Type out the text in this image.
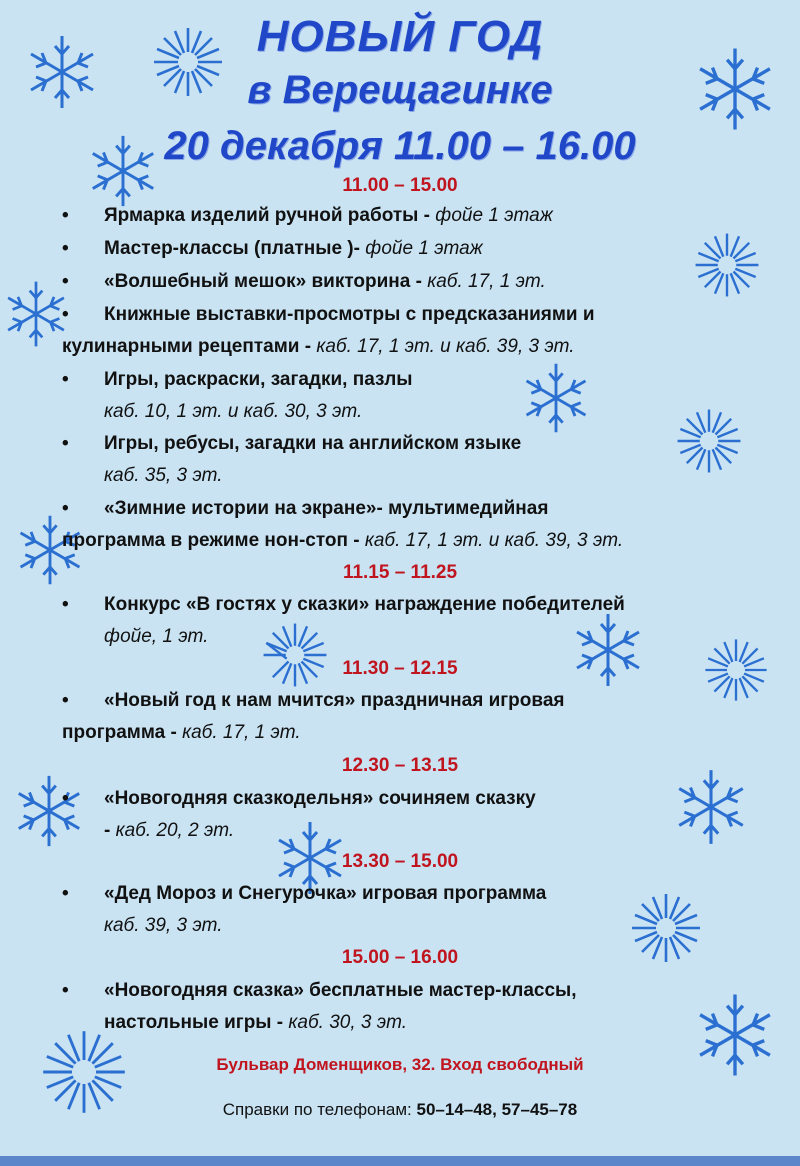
НОВЫЙ ГОД
в Верещагинке
20 декабря 11.00 – 16.00
11.00 – 15.00
•	Ярмарка изделий ручной работы - фойе 1 этаж
•	Мастер-классы (платные )- фойе 1 этаж
•	«Волшебный мешок» викторина - каб. 17, 1 эт.
•	Книжные выставки-просмотры с предсказаниями и
кулинарными рецептами - каб. 17, 1 эт. и каб. 39, 3 эт.
•	Игры, раскраски, загадки, пазлы
каб. 10, 1 эт. и каб. 30, 3 эт.
•	Игры, ребусы, загадки на английском языке
каб. 35, 3 эт.
•	«Зимние истории на экране»- мультимедийная
программа в режиме нон-стоп - каб. 17, 1 эт. и каб. 39, 3 эт.
11.15 – 11.25
•	Конкурс «В гостях у сказки» награждение победителей
фойе, 1 эт.
11.30 – 12.15
•	«Новый год к нам мчится» праздничная игровая
программа - каб. 17, 1 эт.
12.30 – 13.15
•	«Новогодняя сказкодельня» сочиняем сказку
- каб. 20, 2 эт.
13.30 – 15.00
•	«Дед Мороз и Снегурочка» игровая программа
каб. 39, 3 эт.
15.00 – 16.00
•	«Новогодняя сказка» бесплатные мастер-классы,
настольные игры - каб. 30, 3 эт.
Бульвар Доменщиков, 32. Вход свободный
Справки по телефонам: 50–14–48, 57–45–78
